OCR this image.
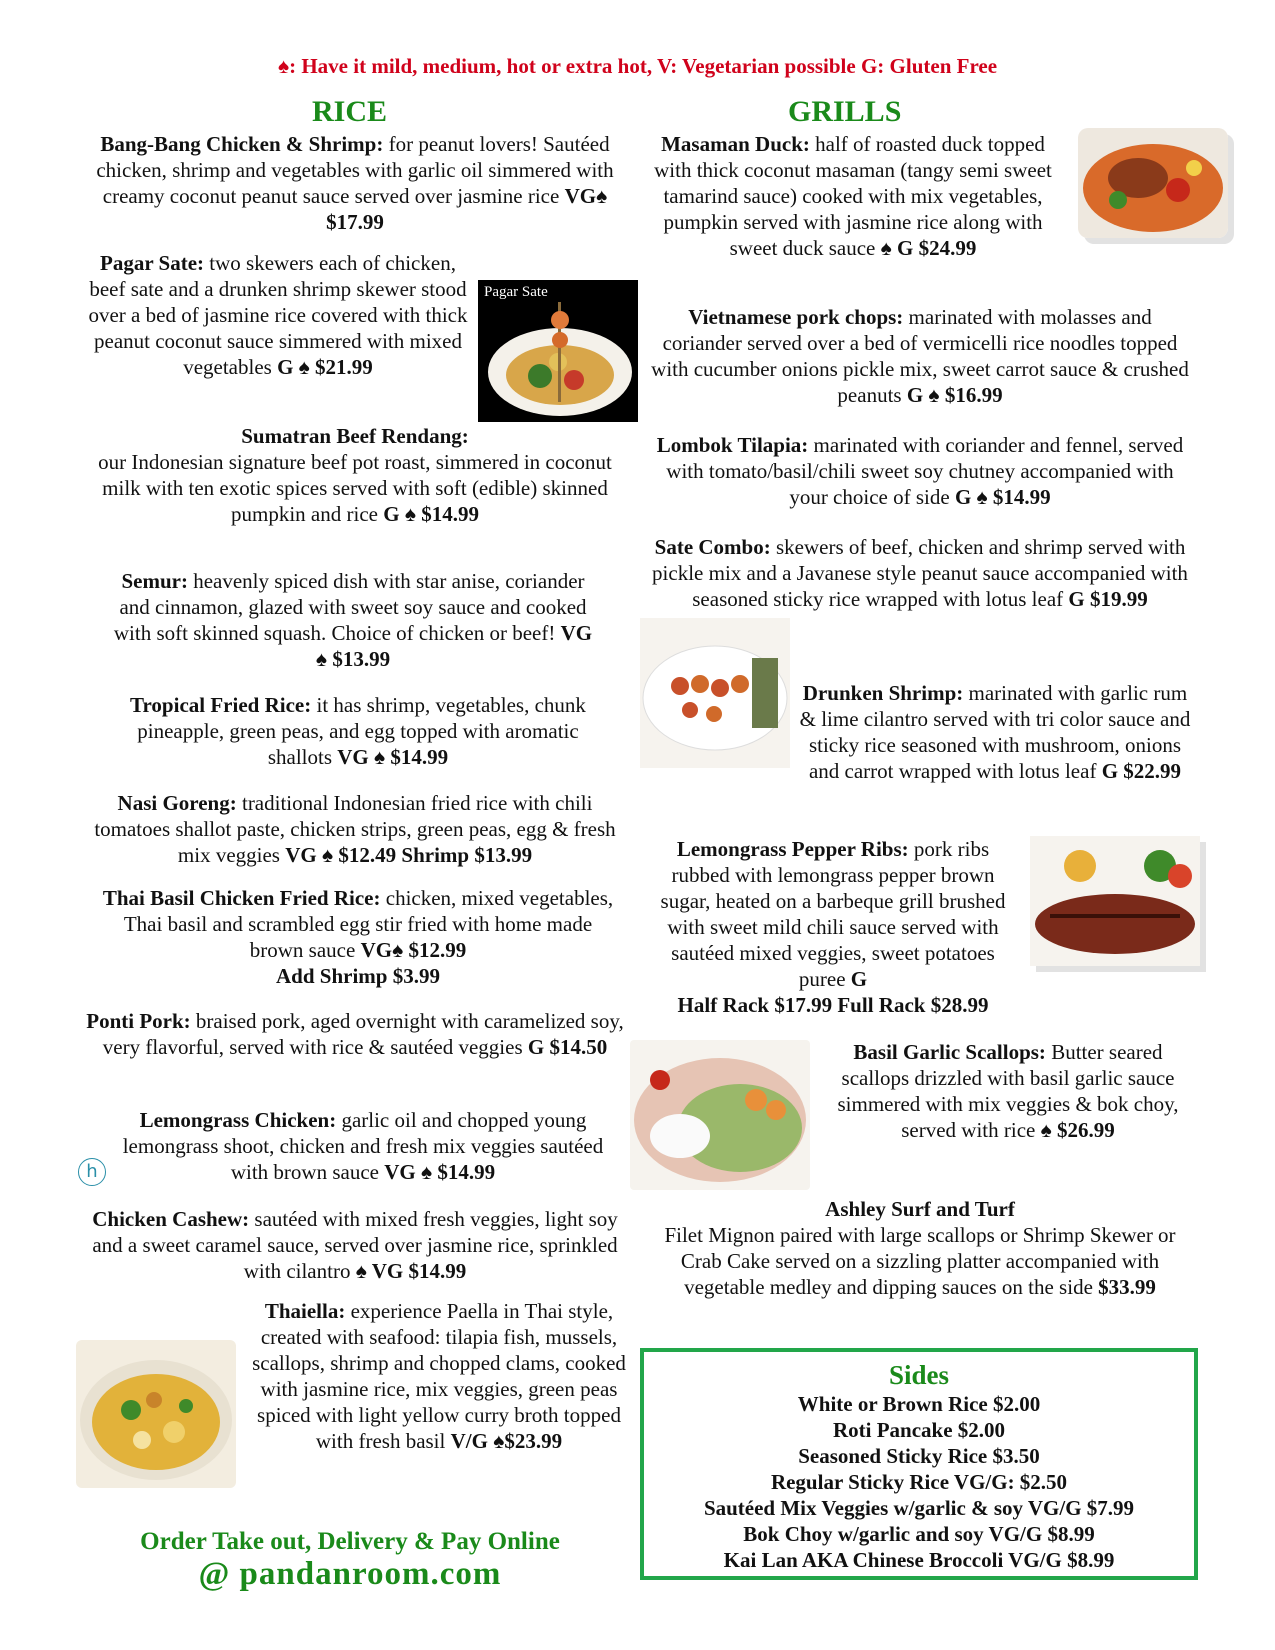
♠: Have it mild, medium, hot or extra hot, V: Vegetarian possible G: Gluten Free
RICE	GRILLS
Bang-Bang Chicken & Shrimp: for peanut lovers! Sautéed chicken, shrimp and vegetables with garlic oil simmered with creamy coconut peanut sauce served over jasmine rice VG♠ $17.99
Pagar Sate: two skewers each of chicken, beef sate and a drunken shrimp skewer stood over a bed of jasmine rice covered with thick peanut coconut sauce simmered with mixed vegetables G ♠ $21.99
Pagar Sate
Sumatran Beef Rendang:
our Indonesian signature beef pot roast, simmered in coconut milk with ten exotic spices served with soft (edible) skinned pumpkin and rice G ♠ $14.99
Semur: heavenly spiced dish with star anise, coriander and cinnamon, glazed with sweet soy sauce and cooked with soft skinned squash. Choice of chicken or beef! VG ♠ $13.99
Tropical Fried Rice: it has shrimp, vegetables, chunk pineapple, green peas, and egg topped with aromatic shallots VG ♠ $14.99
Nasi Goreng: traditional Indonesian fried rice with chili tomatoes shallot paste, chicken strips, green peas, egg & fresh mix veggies VG ♠ $12.49 Shrimp $13.99
Thai Basil Chicken Fried Rice: chicken, mixed vegetables, Thai basil and scrambled egg stir fried with home made brown sauce VG♠ $12.99
Add Shrimp $3.99
Ponti Pork: braised pork, aged overnight with caramelized soy, very flavorful, served with rice & sautéed veggies G $14.50
h
Lemongrass Chicken: garlic oil and chopped young lemongrass shoot, chicken and fresh mix veggies sautéed with brown sauce VG ♠ $14.99
Chicken Cashew: sautéed with mixed fresh veggies, light soy and a sweet caramel sauce, served over jasmine rice, sprinkled with cilantro ♠ VG $14.99
Thaiella: experience Paella in Thai style, created with seafood: tilapia fish, mussels, scallops, shrimp and chopped clams, cooked with jasmine rice, mix veggies, green peas spiced with light yellow curry broth topped with fresh basil V/G ♠$23.99
Masaman Duck: half of roasted duck topped with thick coconut masaman (tangy semi sweet tamarind sauce) cooked with mix vegetables, pumpkin served with jasmine rice along with sweet duck sauce ♠ G $24.99
Vietnamese pork chops: marinated with molasses and coriander served over a bed of vermicelli rice noodles topped with cucumber onions pickle mix, sweet carrot sauce & crushed peanuts G ♠ $16.99
Lombok Tilapia: marinated with coriander and fennel, served with tomato/basil/chili sweet soy chutney accompanied with your choice of side G ♠ $14.99
Sate Combo: skewers of beef, chicken and shrimp served with pickle mix and a Javanese style peanut sauce accompanied with seasoned sticky rice wrapped with lotus leaf G $19.99
Drunken Shrimp: marinated with garlic rum & lime cilantro served with tri color sauce and sticky rice seasoned with mushroom, onions and carrot wrapped with lotus leaf G $22.99
Lemongrass Pepper Ribs: pork ribs rubbed with lemongrass pepper brown sugar, heated on a barbeque grill brushed with sweet mild chili sauce served with sautéed mixed veggies, sweet potatoes puree G
Half Rack $17.99 Full Rack $28.99
Basil Garlic Scallops: Butter seared scallops drizzled with basil garlic sauce simmered with mix veggies & bok choy, served with rice ♠ $26.99
Ashley Surf and Turf
Filet Mignon paired with large scallops or Shrimp Skewer or Crab Cake served on a sizzling platter accompanied with vegetable medley and dipping sauces on the side $33.99
Sides
White or Brown Rice $2.00
Roti Pancake $2.00
Seasoned Sticky Rice $3.50
Regular Sticky Rice VG/G: $2.50
Sautéed Mix Veggies w/garlic & soy VG/G $7.99
Bok Choy w/garlic and soy VG/G $8.99
Kai Lan AKA Chinese Broccoli VG/G $8.99
Order Take out, Delivery & Pay Online
@ pandanroom.com
